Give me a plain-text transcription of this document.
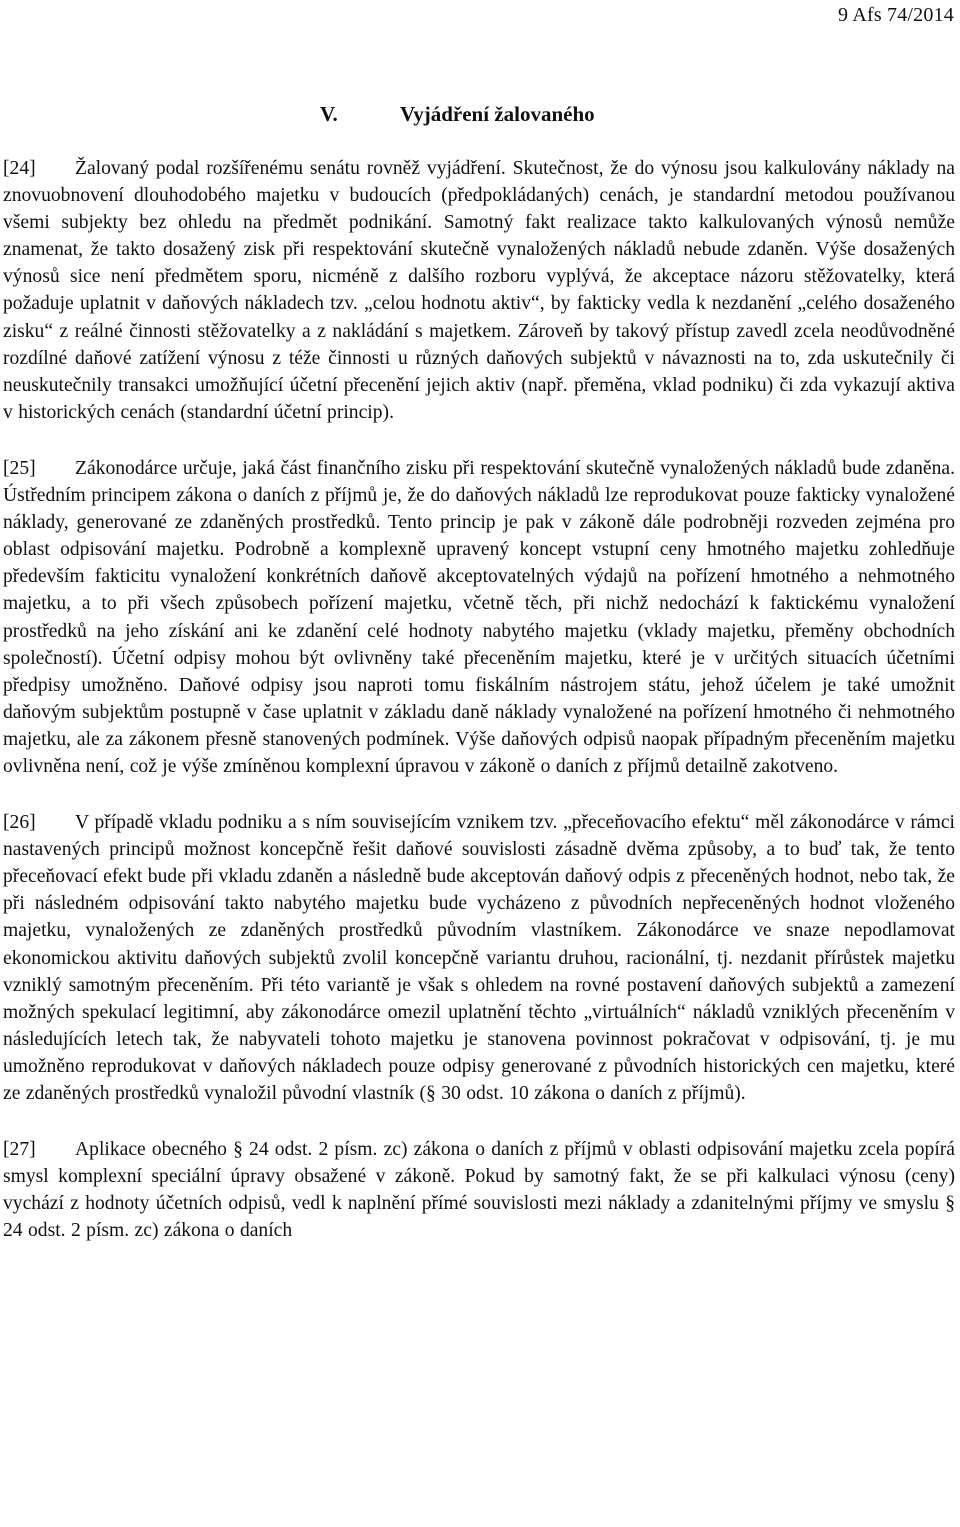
9 Afs 74/2014
V.	Vyjádření žalovaného

[24] Žalovaný podal rozšířenému senátu rovněž vyjádření. Skutečnost, že do výnosu jsou kalkulovány náklady na znovuobnovení dlouhodobého majetku v budoucích (předpokládaných) cenách, je standardní metodou používanou všemi subjekty bez ohledu na předmět podnikání. Samotný fakt realizace takto kalkulovaných výnosů nemůže znamenat, že takto dosažený zisk při respektování skutečně vynaložených nákladů nebude zdaněn. Výše dosažených výnosů sice není předmětem sporu, nicméně z dalšího rozboru vyplývá, že akceptace názoru stěžovatelky, která požaduje uplatnit v daňových nákladech tzv. „celou hodnotu aktiv“, by fakticky vedla k nezdanění „celého dosaženého zisku“ z reálné činnosti stěžovatelky a z nakládání s majetkem. Zároveň by takový přístup zavedl zcela neodůvodněné rozdílné daňové zatížení výnosu z téže činnosti u různých daňových subjektů v návaznosti na to, zda uskutečnily či neuskutečnily transakci umožňující účetní přecenění jejich aktiv (např. přeměna, vklad podniku) či zda vykazují aktiva v historických cenách (standardní účetní princip).

[25] Zákonodárce určuje, jaká část finančního zisku při respektování skutečně vynaložených nákladů bude zdaněna. Ústředním principem zákona o daních z příjmů je, že do daňových nákladů lze reprodukovat pouze fakticky vynaložené náklady, generované ze zdaněných prostředků. Tento princip je pak v zákoně dále podrobněji rozveden zejména pro oblast odpisování majetku. Podrobně a komplexně upravený koncept vstupní ceny hmotného majetku zohledňuje především fakticitu vynaložení konkrétních daňově akceptovatelných výdajů na pořízení hmotného a nehmotného majetku, a to při všech způsobech pořízení majetku, včetně těch, při nichž nedochází k faktickému vynaložení prostředků na jeho získání ani ke zdanění celé hodnoty nabytého majetku (vklady majetku, přeměny obchodních společností). Účetní odpisy mohou být ovlivněny také přeceněním majetku, které je v určitých situacích účetními předpisy umožněno. Daňové odpisy jsou naproti tomu fiskálním nástrojem státu, jehož účelem je také umožnit daňovým subjektům postupně v čase uplatnit v základu daně náklady vynaložené na pořízení hmotného či nehmotného majetku, ale za zákonem přesně stanovených podmínek. Výše daňových odpisů naopak případným přeceněním majetku ovlivněna není, což je výše zmíněnou komplexní úpravou v zákoně o daních z příjmů detailně zakotveno.

[26] V případě vkladu podniku a s ním souvisejícím vznikem tzv. „přeceňovacího efektu“ měl zákonodárce v rámci nastavených principů možnost koncepčně řešit daňové souvislosti zásadně dvěma způsoby, a to buď tak, že tento přeceňovací efekt bude při vkladu zdaněn a následně bude akceptován daňový odpis z přeceněných hodnot, nebo tak, že při následném odpisování takto nabytého majetku bude vycházeno z původních nepřeceněných hodnot vloženého majetku, vynaložených ze zdaněných prostředků původním vlastníkem. Zákonodárce ve snaze nepodlamovat ekonomickou aktivitu daňových subjektů zvolil koncepčně variantu druhou, racionální, tj. nezdanit přírůstek majetku vzniklý samotným přeceněním. Při této variantě je však s ohledem na rovné postavení daňových subjektů a zamezení možných spekulací legitimní, aby zákonodárce omezil uplatnění těchto „virtuálních“ nákladů vzniklých přeceněním v následujících letech tak, že nabyvateli tohoto majetku je stanovena povinnost pokračovat v odpisování, tj. je mu umožněno reprodukovat v daňových nákladech pouze odpisy generované z původních historických cen majetku, které ze zdaněných prostředků vynaložil původní vlastník (§ 30 odst. 10 zákona o daních z příjmů).

[27] Aplikace obecného § 24 odst. 2 písm. zc) zákona o daních z příjmů v oblasti odpisování majetku zcela popírá smysl komplexní speciální úpravy obsažené v zákoně. Pokud by samotný fakt, že se při kalkulaci výnosu (ceny) vychází z hodnoty účetních odpisů, vedl k naplnění přímé souvislosti mezi náklady a zdanitelnými příjmy ve smyslu § 24 odst. 2 písm. zc) zákona o daních
